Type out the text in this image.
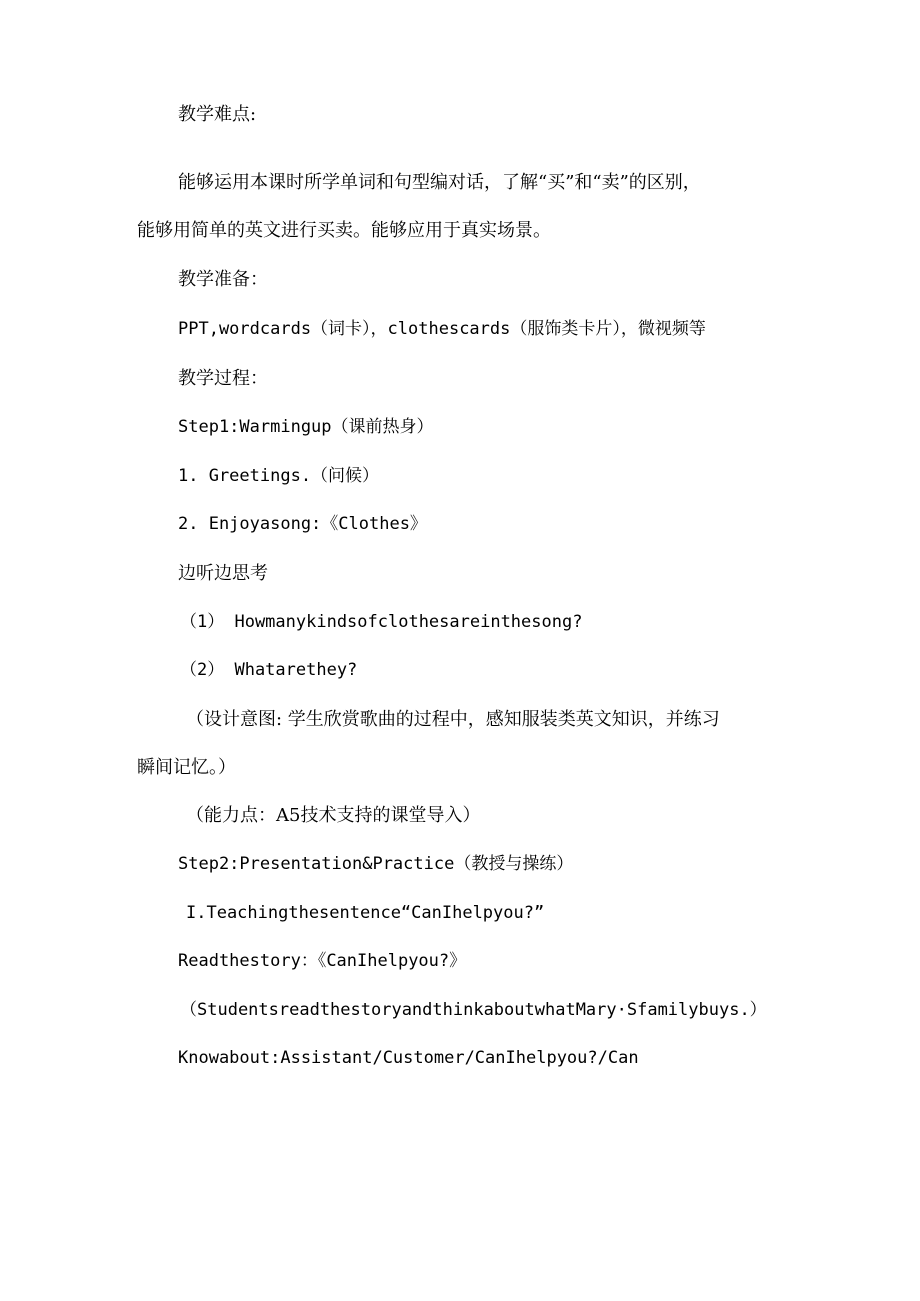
教学难点:
能够运用本课时所学单词和句型编对话，了解“买”和“卖”的区别，
能够用简单的英文进行买卖。能够应用于真实场景。
教学准备：
PPT,wordcards（词卡），clothescards（服饰类卡片），微视频等
教学过程：
Step1:Warmingup（课前热身）
1. Greetings.（问候）
2. Enjoyasong:《Clothes》
边听边思考
（1） Howmanykindsofclothesareinthesong?
（2） Whatarethey?
（设计意图: 学生欣赏歌曲的过程中，感知服装类英文知识，并练习
瞬间记忆。）
（能力点：A5技术支持的课堂导入）
Step2:Presentation&Practice（教授与操练）
I.Teachingthesentence“CanIhelpyou?”
Readthestory：《CanIhelpyou?》
（StudentsreadthestoryandthinkaboutwhatMary·Sfamilybuys.）
Knowabout:Assistant/Customer/CanIhelpyou?/Can
